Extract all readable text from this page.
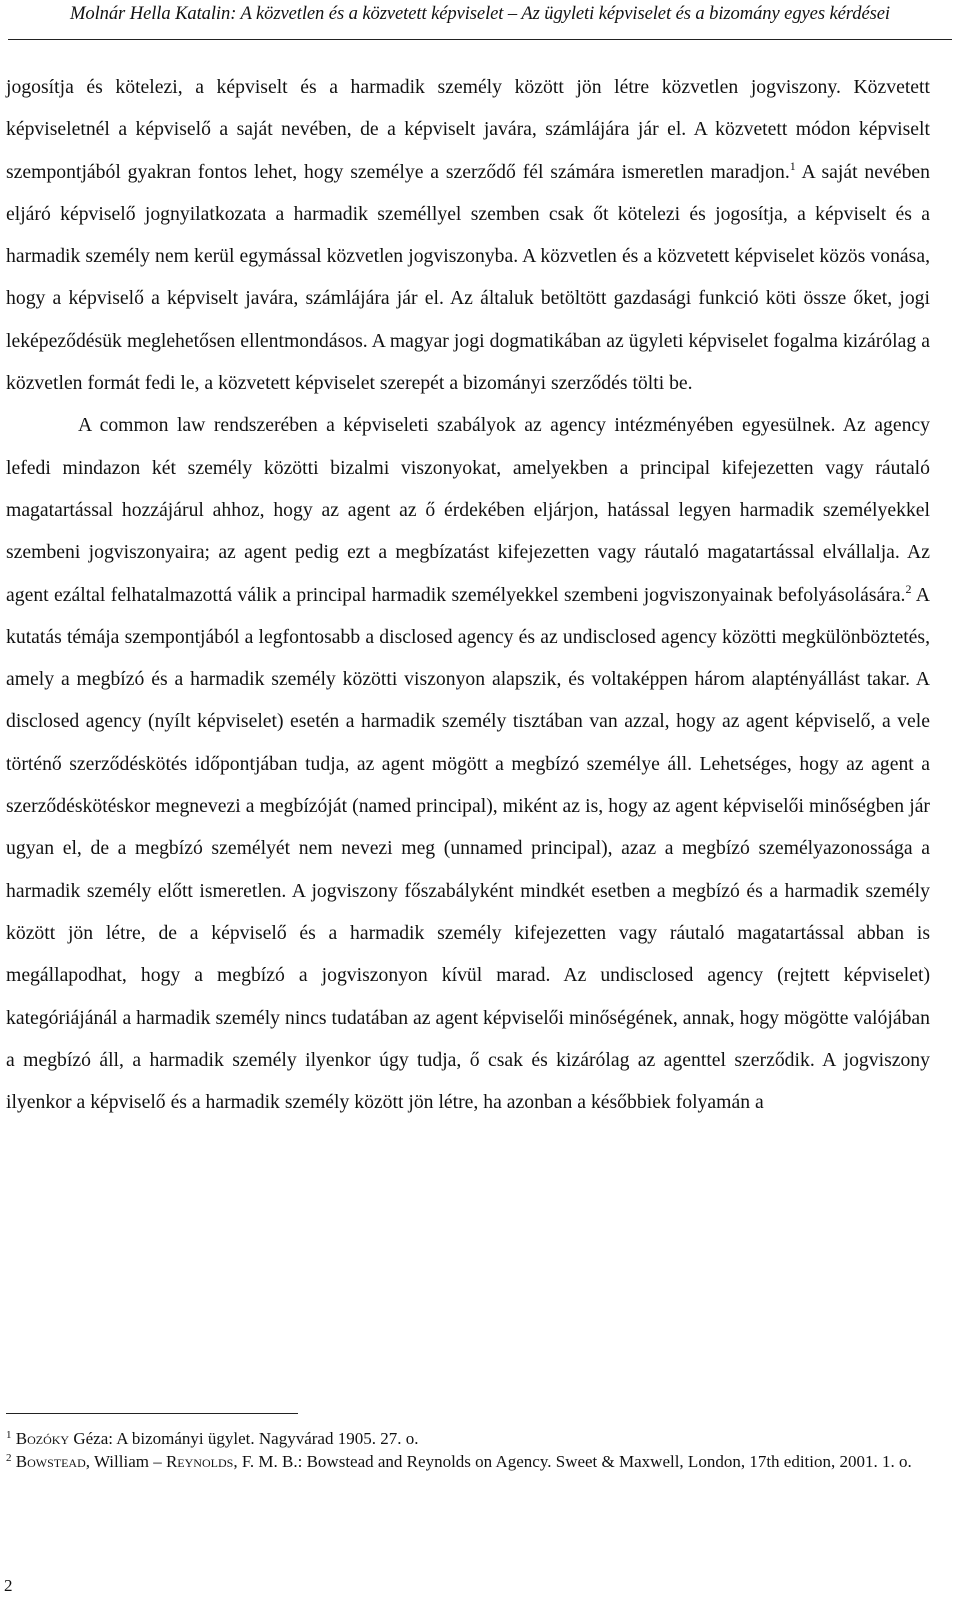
Molnár Hella Katalin: A közvetlen és a közvetett képviselet – Az ügyleti képviselet és a bizomány egyes kérdései

jogosítja és kötelezi, a képviselt és a harmadik személy között jön létre közvetlen jogviszony. Közvetett képviseletnél a képviselő a saját nevében, de a képviselt javára, számlájára jár el. A közvetett módon képviselt szempontjából gyakran fontos lehet, hogy személye a szerződő fél számára ismeretlen maradjon.$^1$ A saját nevében eljáró képviselő jognyilatkozata a harmadik személlyel szemben csak őt kötelezi és jogosítja, a képviselt és a harmadik személy nem kerül egymással közvetlen jogviszonyba. A közvetlen és a közvetett képviselet közös vonása, hogy a képviselő a képviselt javára, számlájára jár el. Az általuk betöltött gazdasági funkció köti össze őket, jogi leképeződésük meglehetősen ellentmondásos. A magyar jogi dogmatikában az ügyleti képviselet fogalma kizárólag a közvetlen formát fedi le, a közvetett képviselet szerepét a bizományi szerződés tölti be.

A common law rendszerében a képviseleti szabályok az agency intézményében egyesülnek. Az agency lefedi mindazon két személy közötti bizalmi viszonyokat, amelyekben a principal kifejezetten vagy ráutaló magatartással hozzájárul ahhoz, hogy az agent az ő érdekében eljárjon, hatással legyen harmadik személyekkel szembeni jogviszonyaira; az agent pedig ezt a megbízatást kifejezetten vagy ráutaló magatartással elvállalja. Az agent ezáltal felhatalmazottá válik a principal harmadik személyekkel szembeni jogviszonyainak befolyásolására.$^2$ A kutatás témája szempontjából a legfontosabb a disclosed agency és az undisclosed agency közötti megkülönböztetés, amely a megbízó és a harmadik személy közötti viszonyon alapszik, és voltaképpen három alaptényállást takar. A disclosed agency (nyílt képviselet) esetén a harmadik személy tisztában van azzal, hogy az agent képviselő, a vele történő szerződéskötés időpontjában tudja, az agent mögött a megbízó személye áll. Lehetséges, hogy az agent a szerződéskötéskor megnevezi a megbízóját (named principal), miként az is, hogy az agent képviselői minőségben jár ugyan el, de a megbízó személyét nem nevezi meg (unnamed principal), azaz a megbízó személyazonossága a harmadik személy előtt ismeretlen. A jogviszony főszabályként mindkét esetben a megbízó és a harmadik személy között jön létre, de a képviselő és a harmadik személy kifejezetten vagy ráutaló magatartással abban is megállapodhat, hogy a megbízó a jogviszonyon kívül marad. Az undisclosed agency (rejtett képviselet) kategóriájánál a harmadik személy nincs tudatában az agent képviselői minőségének, annak, hogy mögötte valójában a megbízó áll, a harmadik személy ilyenkor úgy tudja, ő csak és kizárólag az agenttel szerződik. A jogviszony ilyenkor a képviselő és a harmadik személy között jön létre, ha azonban a későbbiek folyamán a

$^1$ Bozóky Géza: A bizományi ügylet. Nagyvárad 1905. 27. o.

$^2$ Bowstead, William – Reynolds, F. M. B.: Bowstead and Reynolds on Agency. Sweet & Maxwell, London, 17th edition, 2001. 1. o.

2
